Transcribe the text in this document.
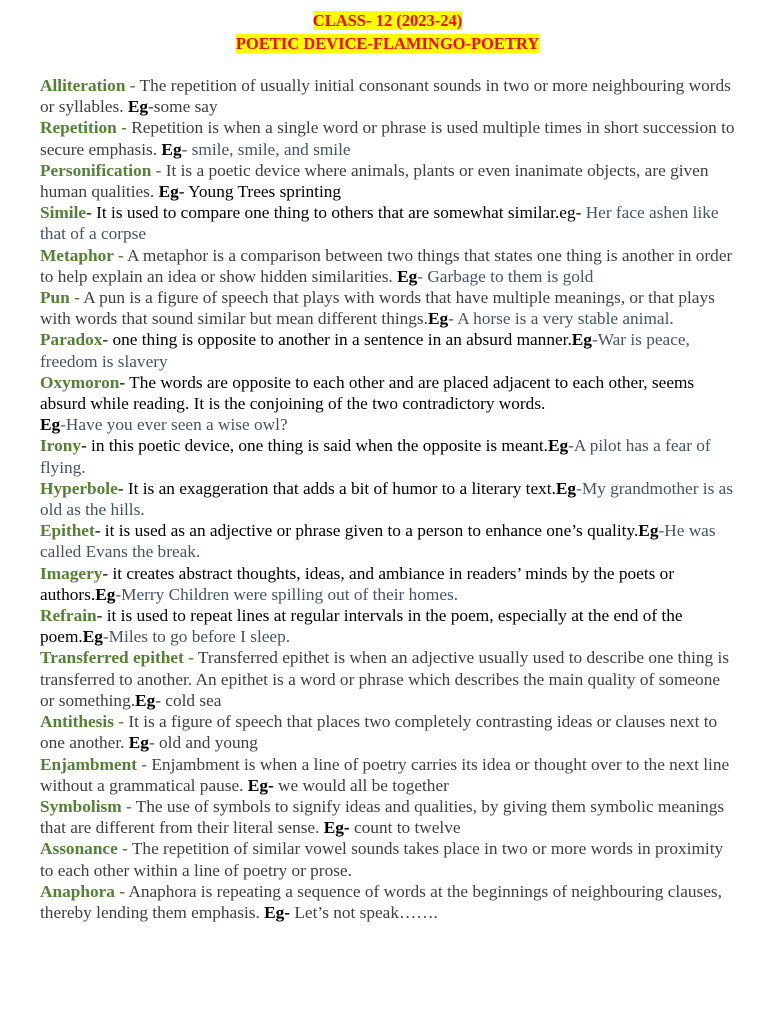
CLASS- 12 (2023-24)
POETIC DEVICE-FLAMINGO-POETRY

Alliteration - The repetition of usually initial consonant sounds in two or more neighbouring words or syllables. Eg-some say

Repetition - Repetition is when a single word or phrase is used multiple times in short succession to secure emphasis. Eg- smile, smile, and smile

Personification - It is a poetic device where animals, plants or even inanimate objects, are given human qualities. Eg- Young Trees sprinting

Simile- It is used to compare one thing to others that are somewhat similar.eg- Her face ashen like that of a corpse

Metaphor - A metaphor is a comparison between two things that states one thing is another in order to help explain an idea or show hidden similarities. Eg- Garbage to them is gold

Pun - A pun is a figure of speech that plays with words that have multiple meanings, or that plays with words that sound similar but mean different things.Eg- A horse is a very stable animal.

Paradox- one thing is opposite to another in a sentence in an absurd manner.Eg-War is peace, freedom is slavery

Oxymoron- The words are opposite to each other and are placed adjacent to each other, seems absurd while reading. It is the conjoining of the two contradictory words.
Eg-Have you ever seen a wise owl?

Irony- in this poetic device, one thing is said when the opposite is meant.Eg-A pilot has a fear of flying.

Hyperbole- It is an exaggeration that adds a bit of humor to a literary text.Eg-My grandmother is as old as the hills.

Epithet- it is used as an adjective or phrase given to a person to enhance one’s quality.Eg-He was called Evans the break.

Imagery- it creates abstract thoughts, ideas, and ambiance in readers’ minds by the poets or authors.Eg-Merry Children were spilling out of their homes.

Refrain- it is used to repeat lines at regular intervals in the poem, especially at the end of the poem.Eg-Miles to go before I sleep.

Transferred epithet - Transferred epithet is when an adjective usually used to describe one thing is transferred to another. An epithet is a word or phrase which describes the main quality of someone or something.Eg- cold sea

Antithesis - It is a figure of speech that places two completely contrasting ideas or clauses next to one another. Eg- old and young

Enjambment - Enjambment is when a line of poetry carries its idea or thought over to the next line without a grammatical pause. Eg- we would all be together

Symbolism - The use of symbols to signify ideas and qualities, by giving them symbolic meanings that are different from their literal sense. Eg- count to twelve

Assonance - The repetition of similar vowel sounds takes place in two or more words in proximity to each other within a line of poetry or prose.

Anaphora - Anaphora is repeating a sequence of words at the beginnings of neighbouring clauses, thereby lending them emphasis. Eg- Let’s not speak…….
